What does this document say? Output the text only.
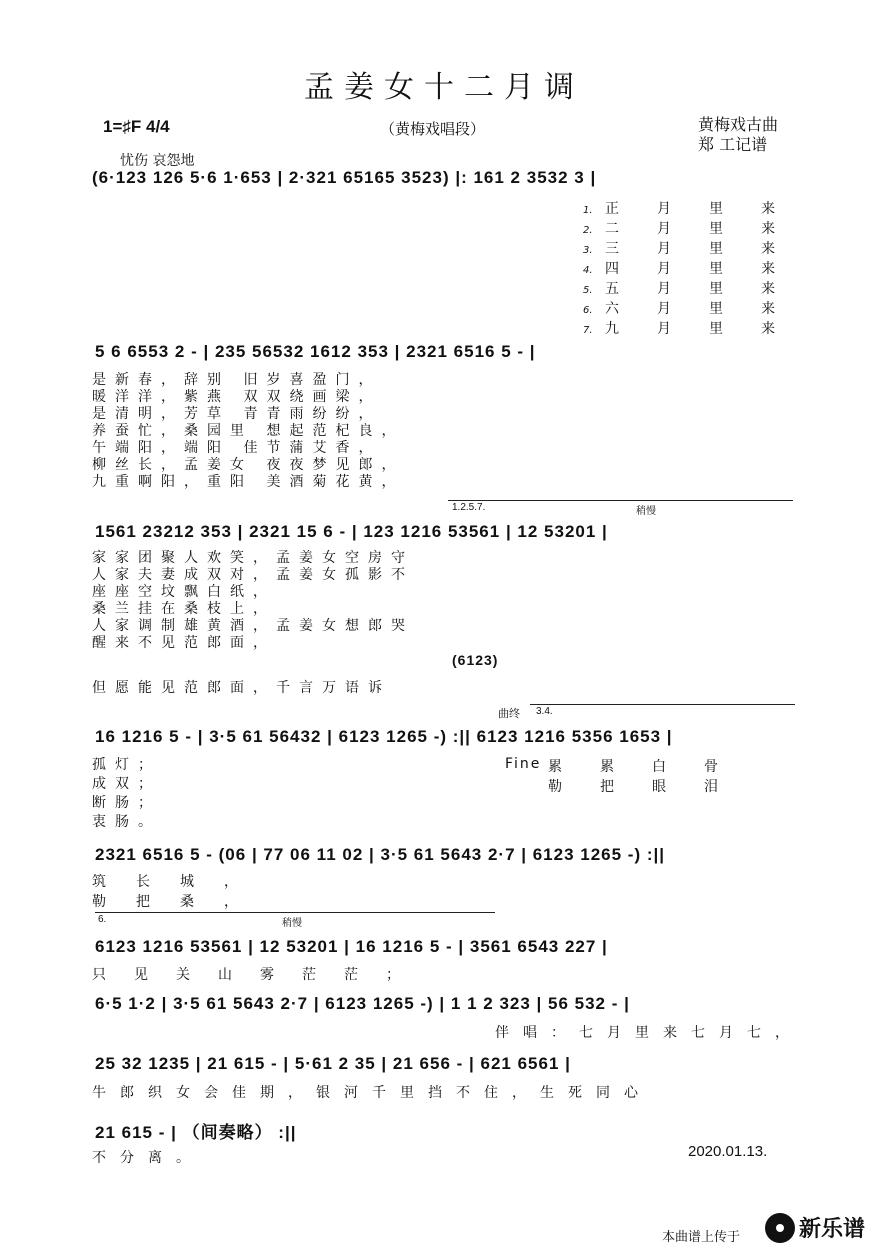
孟姜女十二月调
1=♯F 4/4	（黄梅戏唱段）	黄梅戏古曲
郑 工记谱
忧伤 哀怨地
(6·123 126 5·6 1·653 | 2·321 65165 3523) |: 161 2 3532 3 |
1. 正	月	里	来
2. 二	月	里	来
3. 三	月	里	来
4. 四	月	里	来
5. 五	月	里	来
6. 六	月	里	来
7. 九	月	里	来
5 6 6553 2 - | 235 56532 1612 353 | 2321 6516 5 - |
是新春，辞别 旧岁喜盈门，
暖洋洋，紫燕 双双绕画梁，
是清明，芳草 青青雨纷纷，
养蚕忙，桑园里 想起范杞良，
午端阳，端阳 佳节蒲艾香，
柳丝长，孟姜女 夜夜梦见郎，
九重啊阳，重阳 美酒菊花黄，
1.2.5.7.	稍慢
1561 23212 353 | 2321 15 6 - | 123 1216 53561 | 12 53201 |
家家团聚人欢笑，孟姜女空房守
人家夫妻成双对，孟姜女孤影不
座座空坟飘白纸，
桑兰挂在桑枝上，
人家调制雄黄酒，孟姜女想郎哭
醒来不见范郎面，
(6123)
但愿能见范郎面，千言万语诉
曲终 3.4.
16 1216 5 - | 3·5 61 56432 | 6123 1265 -) :|| 6123 1216 5356 1653 |
孤灯；
成双；
断肠；
衷肠。
Fine 累累白骨
勒把眼泪
2321 6516 5 - (06 | 77 06 11 02 | 3·5 61 5643 2·7 | 6123 1265 -) :||
筑长城，
勒把桑，
6.	稍慢
6123 1216 53561 | 12 53201 | 16 1216 5 - | 3561 6543 227 |
只见关山雾茫茫；
6·5 1·2 | 3·5 61 5643 2·7 | 6123 1265 -) | 1 1 2 323 | 56 532 - |
伴唱：七月里来七月七，
25 32 1235 | 21 615 - | 5·61 2 35 | 21 656 - | 621 6561 |
牛郎织女会佳期，银河千里挡不住，生死同心
21 615 - | （间奏略） :||
不分离。	2020.01.13.
本曲谱上传于	新乐谱
